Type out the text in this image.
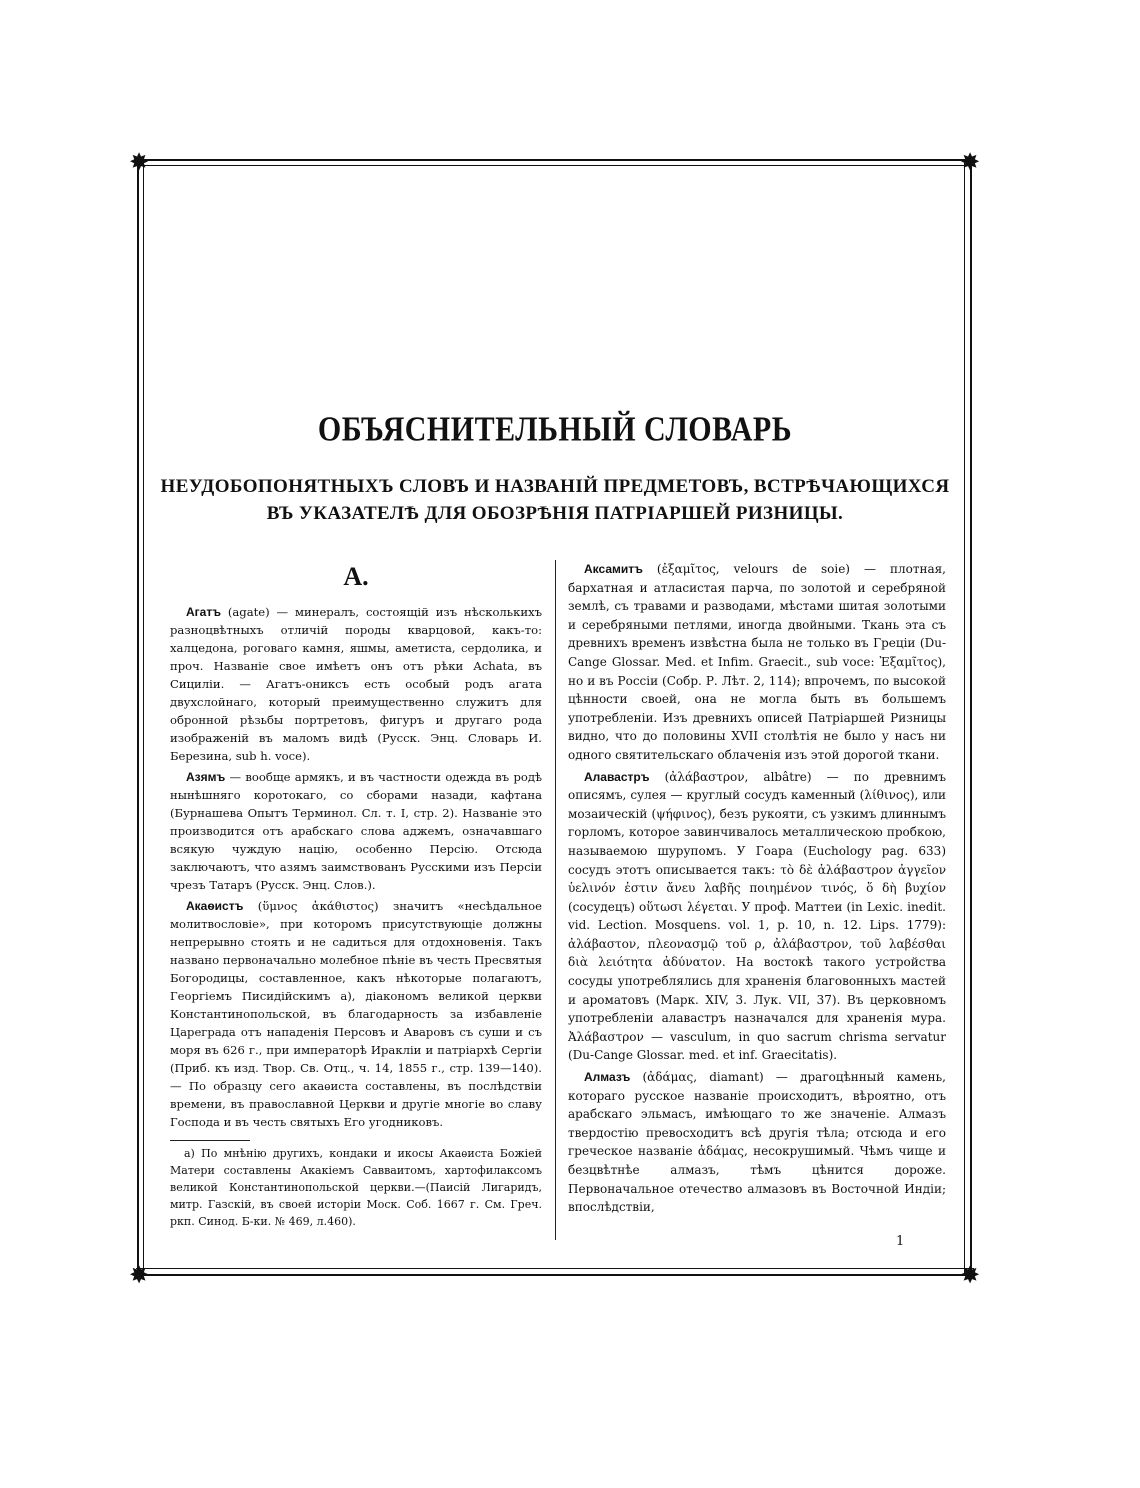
✸	✸
✸	✸
ОБЪЯСНИТЕЛЬНЫЙ СЛОВАРЬ
НЕУДОБОПОНЯТНЫХЪ СЛОВЪ И НАЗВАНІЙ ПРЕДМЕТОВЪ, ВСТРѢЧАЮЩИХСЯ
ВЪ УКАЗАТЕЛѢ ДЛЯ ОБОЗРѢНІЯ ПАТРІАРШЕЙ РИЗНИЦЫ.
А.

Агатъ (agate) — минералъ, состоящій изъ нѣсколькихъ разноцвѣтныхъ отличій породы кварцовой, какъ-то: халцедона, роговаго камня, яшмы, аметиста, сердолика, и проч. Названіе свое имѣетъ онъ отъ рѣки Achata, въ Сициліи. — Агатъ-ониксъ есть особый родъ агата двухслойнаго, который преимущественно служитъ для обронной рѣзьбы портретовъ, фигуръ и другаго рода изображеній въ маломъ видѣ (Русск. Энц. Словарь И. Березина, sub h. voce).

Азямъ — вообще армякъ, и въ частности одежда въ родѣ нынѣшняго коротокаго, со сборами назади, кафтана (Бурнашева Опытъ Терминол. Сл. т. I, стр. 2). Названіе это производится отъ арабскаго слова аджемъ, означавшаго всякую чуждую націю, особенно Персію. Отсюда заключаютъ, что азямъ заимствованъ Русскими изъ Персіи чрезъ Татаръ (Русск. Энц. Слов.).

Акаѳистъ (ὕμνος ἀκάθιστος) значитъ «несѣдальное молитвословіе», при которомъ присутствующіе должны непрерывно стоять и не садиться для отдохновенія. Такъ названо первоначально молебное пѣніе въ честь Пресвятыя Богородицы, составленное, какъ нѣкоторые полагаютъ, Георгіемъ Писидійскимъ a), діакономъ великой церкви Константинопольской, въ благодарность за избавленіе Цареграда отъ нападенія Персовъ и Аваровъ съ суши и съ моря въ 626 г., при императорѣ Иракліи и патріархѣ Сергіи (Приб. къ изд. Твор. Св. Отц., ч. 14, 1855 г., стр. 139—140). — По образцу сего акаѳиста составлены, въ послѣдствіи времени, въ православной Церкви и другіе многіе во славу Господа и въ честь святыхъ Его угодниковъ.

a) По мнѣнію другихъ, кондаки и икосы Акаѳиста Божіей Матери составлены Акакіемъ Савваитомъ, хартофилаксомъ великой Константинопольской церкви.—(Паисій Лигаридъ, митр. Газскій, въ своей исторіи Моск. Соб. 1667 г. См. Греч. ркп. Синод. Б-ки. № 469, л.460).

Аксамитъ (ἐξαμῖτος, velours de soie) — плотная, бархатная и атласистая парча, по золотой и серебряной землѣ, съ травами и разводами, мѣстами шитая золотыми и серебряными петлями, иногда двойными. Ткань эта съ древнихъ временъ извѣстна была не только въ Греціи (Du-Cange Glossar. Med. et Infim. Graecit., sub voce: Ἐξαμῖτος), но и въ Россіи (Собр. Р. Лѣт. 2, 114); впрочемъ, по высокой цѣнности своей, она не могла быть въ большемъ употребленіи. Изъ древнихъ описей Патріаршей Ризницы видно, что до половины XVII столѣтія не было у насъ ни одного святительскаго облаченія изъ этой дорогой ткани.

Алавастръ (ἀλάβαστρον, albâtre) — по древнимъ описямъ, сулея — круглый сосудъ каменный (λίθινος), или мозаическій (ψήφινος), безъ рукояти, съ узкимъ длиннымъ горломъ, которое завинчивалось металлическою пробкою, называемою шурупомъ. У Гоара (Euchology pag. 633) сосудъ этотъ описывается такъ: τὸ δὲ ἀλάβαστρον ἀγγεῖον ὑελινόν ἐστιν ἄνευ λαβῆς ποιημένον τινός, ὅ δὴ βυχίον (сосудецъ) οὕτωσι λέγεται. У проф. Маттеи (in Lexic. inedit. vid. Lection. Mosquens. vol. 1, p. 10, n. 12. Lips. 1779): ἀλάβαστον, πλεονασμῷ τοῦ ρ, ἀλάβαστρον, τοῦ λαβέσθαι διὰ λειότητα ἀδύνατον. На востокѣ такого устройства сосуды употреблялись для храненія благовонныхъ мастей и ароматовъ (Марк. XIV, 3. Лук. VII, 37). Въ церковномъ употребленіи алавастръ назначался для храненія мура. Ἀλάβαστρον — vasculum, in quo sacrum chrisma servatur (Du-Cange Glossar. med. et inf. Graecitatis).

Алмазъ (ἀδάμας, diamant) — драгоцѣнный камень, котораго русское названіе происходитъ, вѣроятно, отъ арабскаго эльмасъ, имѣющаго то же значеніе. Алмазъ твердостію превосходитъ всѣ другія тѣла; отсюда и его греческое названіе ἀδάμας, несокрушимый. Чѣмъ чище и безцвѣтнѣе алмазъ, тѣмъ цѣнится дороже. Первоначальное отечество алмазовъ въ Восточной Индіи; впослѣдствіи,

1
